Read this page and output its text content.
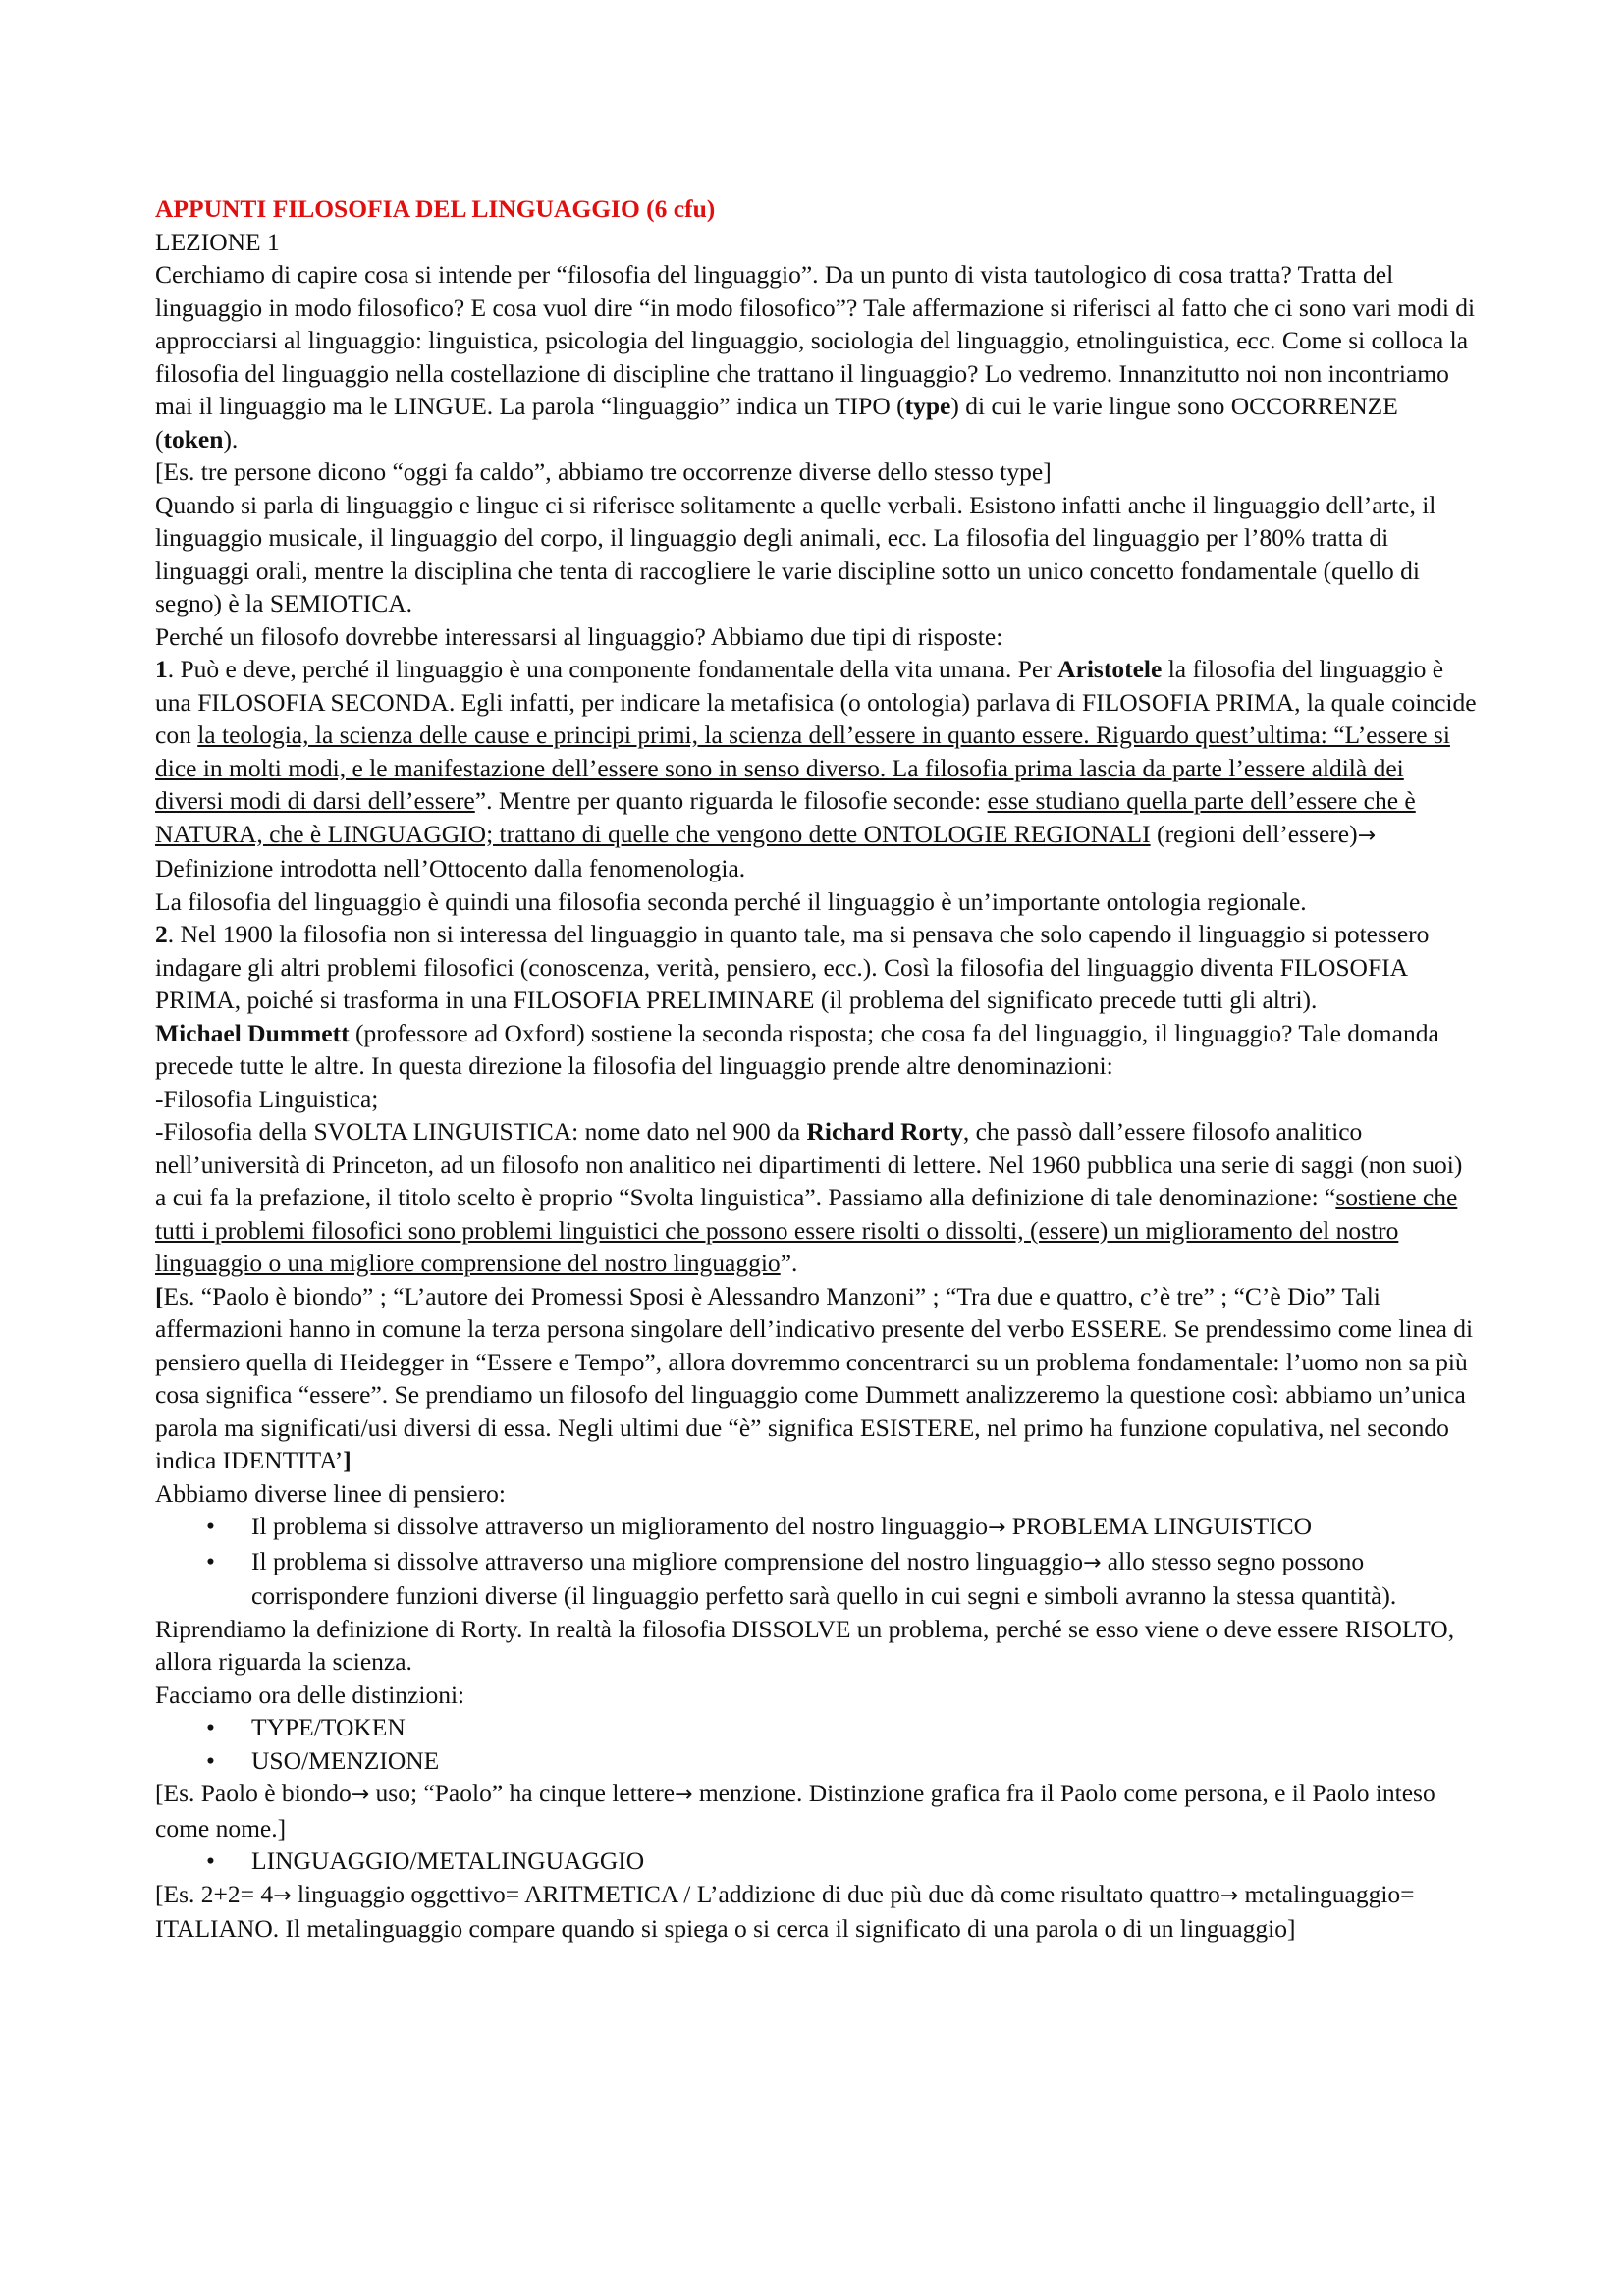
APPUNTI FILOSOFIA DEL LINGUAGGIO (6 cfu)

LEZIONE 1

Cerchiamo di capire cosa si intende per “filosofia del linguaggio”. Da un punto di vista tautologico di cosa tratta? Tratta del linguaggio in modo filosofico? E cosa vuol dire “in modo filosofico”? Tale affermazione si riferisci al fatto che ci sono vari modi di approcciarsi al linguaggio: linguistica, psicologia del linguaggio, sociologia del linguaggio, etnolinguistica, ecc. Come si colloca la filosofia del linguaggio nella costellazione di discipline che trattano il linguaggio? Lo vedremo. Innanzitutto noi non incontriamo mai il linguaggio ma le LINGUE. La parola “linguaggio” indica un TIPO (type) di cui le varie lingue sono OCCORRENZE (token).

[Es. tre persone dicono “oggi fa caldo”, abbiamo tre occorrenze diverse dello stesso type]

Quando si parla di linguaggio e lingue ci si riferisce solitamente a quelle verbali. Esistono infatti anche il linguaggio dell’arte, il linguaggio musicale, il linguaggio del corpo, il linguaggio degli animali, ecc. La filosofia del linguaggio per l’80% tratta di linguaggi orali, mentre la disciplina che tenta di raccogliere le varie discipline sotto un unico concetto fondamentale (quello di segno) è la SEMIOTICA.

Perché un filosofo dovrebbe interessarsi al linguaggio? Abbiamo due tipi di risposte:

1. Può e deve, perché il linguaggio è una componente fondamentale della vita umana. Per Aristotele la filosofia del linguaggio è una FILOSOFIA SECONDA. Egli infatti, per indicare la metafisica (o ontologia) parlava di FILOSOFIA PRIMA, la quale coincide con la teologia, la scienza delle cause e principi primi, la scienza dell’essere in quanto essere. Riguardo quest’ultima: “L’essere si dice in molti modi, e le manifestazione dell’essere sono in senso diverso. La filosofia prima lascia da parte l’essere aldilà dei diversi modi di darsi dell’essere”. Mentre per quanto riguarda le filosofie seconde: esse studiano quella parte dell’essere che è NATURA, che è LINGUAGGIO; trattano di quelle che vengono dette ONTOLOGIE REGIONALI (regioni dell’essere)→ Definizione introdotta nell’Ottocento dalla fenomenologia.

La filosofia del linguaggio è quindi una filosofia seconda perché il linguaggio è un’importante ontologia regionale.

2. Nel 1900 la filosofia non si interessa del linguaggio in quanto tale, ma si pensava che solo capendo il linguaggio si potessero indagare gli altri problemi filosofici (conoscenza, verità, pensiero, ecc.). Così la filosofia del linguaggio diventa FILOSOFIA PRIMA, poiché si trasforma in una FILOSOFIA PRELIMINARE (il problema del significato precede tutti gli altri).

Michael Dummett (professore ad Oxford) sostiene la seconda risposta; che cosa fa del linguaggio, il linguaggio? Tale domanda precede tutte le altre. In questa direzione la filosofia del linguaggio prende altre denominazioni:

-Filosofia Linguistica;

-Filosofia della SVOLTA LINGUISTICA: nome dato nel 900 da Richard Rorty, che passò dall’essere filosofo analitico nell’università di Princeton, ad un filosofo non analitico nei dipartimenti di lettere. Nel 1960 pubblica una serie di saggi (non suoi) a cui fa la prefazione, il titolo scelto è proprio “Svolta linguistica”. Passiamo alla definizione di tale denominazione: “sostiene che tutti i problemi filosofici sono problemi linguistici che possono essere risolti o dissolti, (essere) un miglioramento del nostro linguaggio o una migliore comprensione del nostro linguaggio”.

[Es. “Paolo è biondo” ; “L’autore dei Promessi Sposi è Alessandro Manzoni” ; “Tra due e quattro, c’è tre” ; “C’è Dio” Tali affermazioni hanno in comune la terza persona singolare dell’indicativo presente del verbo ESSERE. Se prendessimo come linea di pensiero quella di Heidegger in “Essere e Tempo”, allora dovremmo concentrarci su un problema fondamentale: l’uomo non sa più cosa significa “essere”. Se prendiamo un filosofo del linguaggio come Dummett analizzeremo la questione così: abbiamo un’unica parola ma significati/usi diversi di essa. Negli ultimi due “è” significa ESISTERE, nel primo ha funzione copulativa, nel secondo indica IDENTITA’]

Abbiamo diverse linee di pensiero:

• Il problema si dissolve attraverso un miglioramento del nostro linguaggio→ PROBLEMA LINGUISTICO
• Il problema si dissolve attraverso una migliore comprensione del nostro linguaggio→ allo stesso segno possono corrispondere funzioni diverse (il linguaggio perfetto sarà quello in cui segni e simboli avranno la stessa quantità).

Riprendiamo la definizione di Rorty. In realtà la filosofia DISSOLVE un problema, perché se esso viene o deve essere RISOLTO, allora riguarda la scienza.

Facciamo ora delle distinzioni:

• TYPE/TOKEN
• USO/MENZIONE

[Es. Paolo è biondo→ uso; “Paolo” ha cinque lettere→ menzione. Distinzione grafica fra il Paolo come persona, e il Paolo inteso come nome.]

• LINGUAGGIO/METALINGUAGGIO

[Es. 2+2= 4→ linguaggio oggettivo= ARITMETICA / L’addizione di due più due dà come risultato quattro→ metalinguaggio= ITALIANO. Il metalinguaggio compare quando si spiega o si cerca il significato di una parola o di un linguaggio]
